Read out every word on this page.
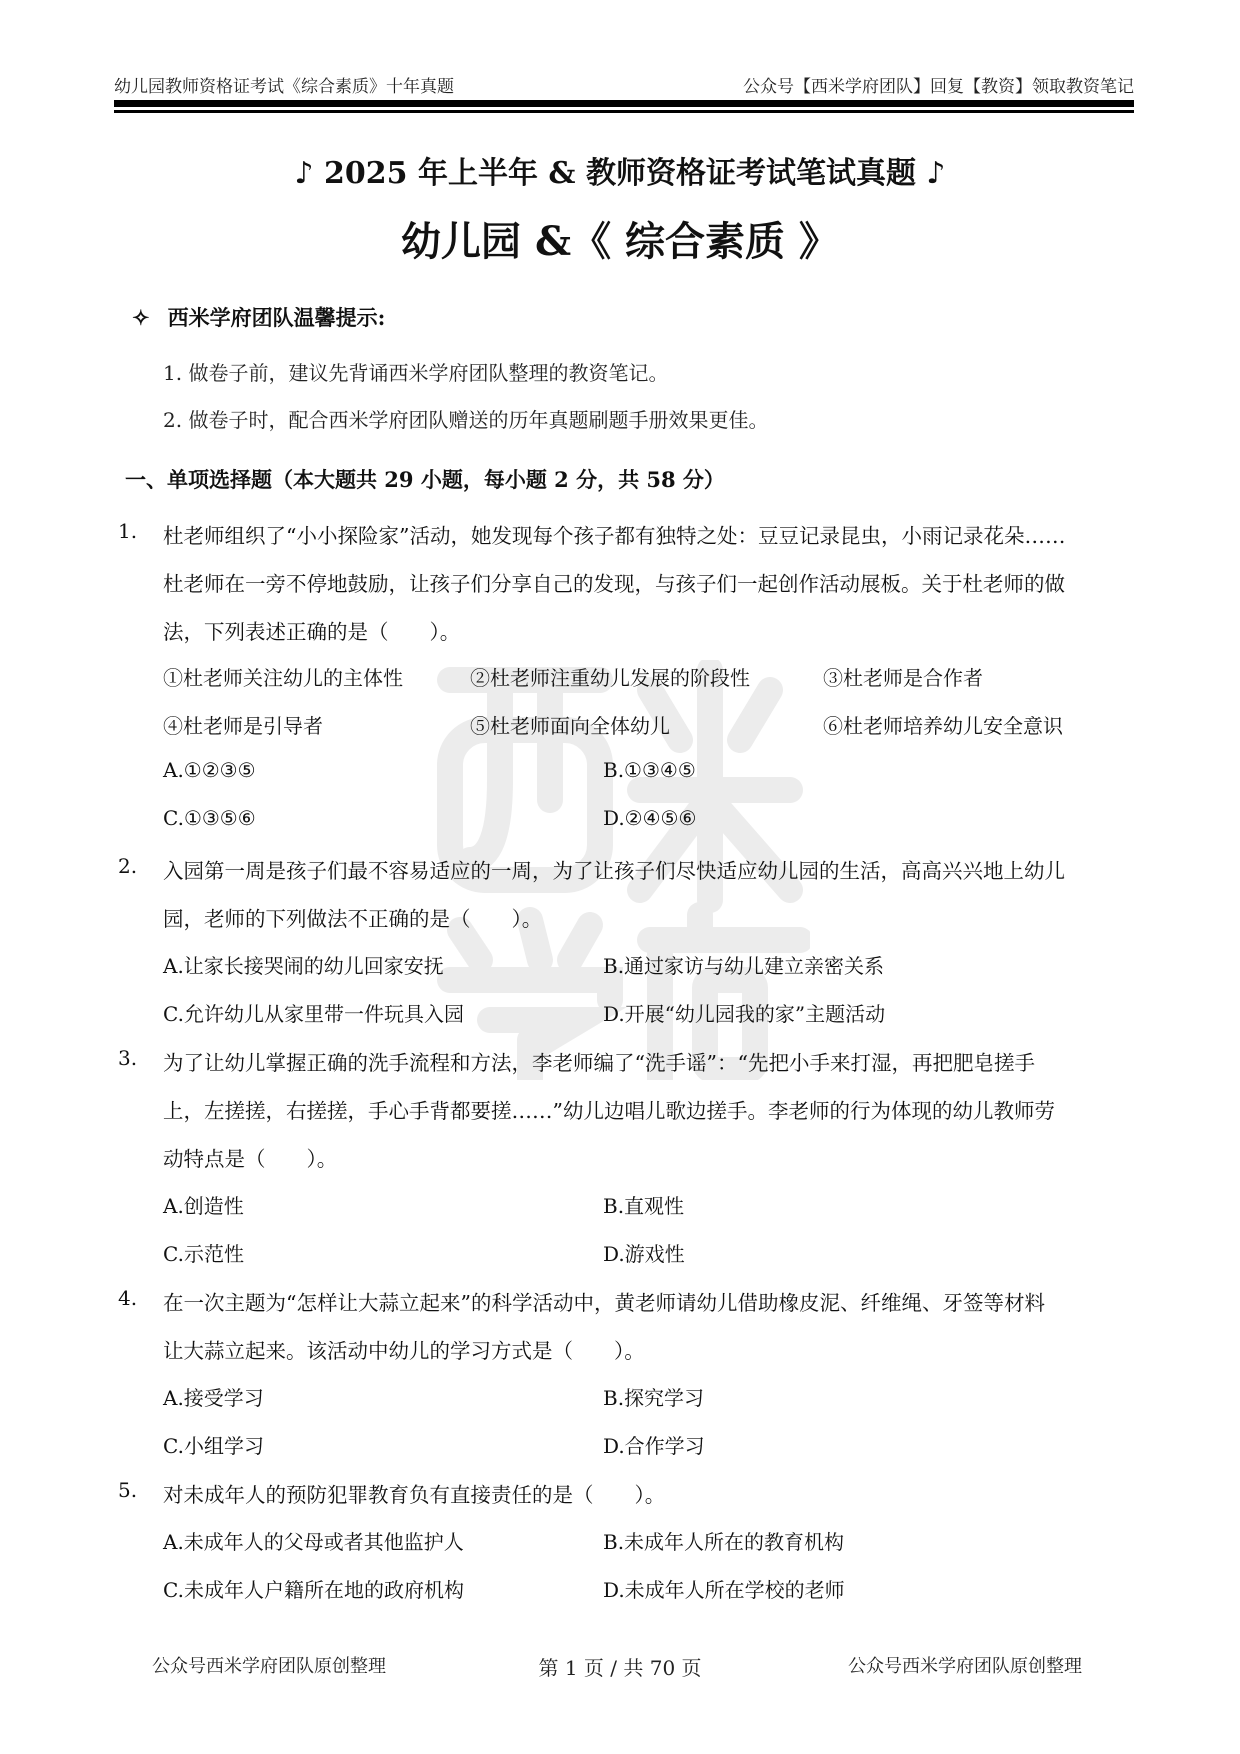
幼儿园教师资格证考试《综合素质》十年真题	公众号【西米学府团队】回复【教资】领取教资笔记
♪ 2025 年上半年 & 教师资格证考试笔试真题 ♪
幼儿园 &《 综合素质 》
✧ 西米学府团队温馨提示:
1. 做卷子前，建议先背诵西米学府团队整理的教资笔记。
2. 做卷子时，配合西米学府团队赠送的历年真题刷题手册效果更佳。
一、单项选择题（本大题共 29 小题，每小题 2 分，共 58 分）
1. 杜老师组织了“小小探险家”活动，她发现每个孩子都有独特之处：豆豆记录昆虫，小雨记录花朵……
杜老师在一旁不停地鼓励，让孩子们分享自己的发现，与孩子们一起创作活动展板。关于杜老师的做
法，下列表述正确的是（　　）。
①杜老师关注幼儿的主体性	②杜老师注重幼儿发展的阶段性	③杜老师是合作者
④杜老师是引导者	⑤杜老师面向全体幼儿	⑥杜老师培养幼儿安全意识
A.①②③⑤	B.①③④⑤
C.①③⑤⑥	D.②④⑤⑥
2. 入园第一周是孩子们最不容易适应的一周，为了让孩子们尽快适应幼儿园的生活，高高兴兴地上幼儿
园，老师的下列做法不正确的是（　　）。
A.让家长接哭闹的幼儿回家安抚	B.通过家访与幼儿建立亲密关系
C.允许幼儿从家里带一件玩具入园	D.开展“幼儿园我的家”主题活动
3. 为了让幼儿掌握正确的洗手流程和方法，李老师编了“洗手谣”：“先把小手来打湿，再把肥皂搓手
上，左搓搓，右搓搓，手心手背都要搓……”幼儿边唱儿歌边搓手。李老师的行为体现的幼儿教师劳
动特点是（　　）。
A.创造性	B.直观性
C.示范性	D.游戏性
4. 在一次主题为“怎样让大蒜立起来”的科学活动中，黄老师请幼儿借助橡皮泥、纤维绳、牙签等材料
让大蒜立起来。该活动中幼儿的学习方式是（　　）。
A.接受学习	B.探究学习
C.小组学习	D.合作学习
5. 对未成年人的预防犯罪教育负有直接责任的是（　　）。
A.未成年人的父母或者其他监护人	B.未成年人所在的教育机构
C.未成年人户籍所在地的政府机构	D.未成年人所在学校的老师
公众号西米学府团队原创整理	第 1 页 / 共 70 页	公众号西米学府团队原创整理
